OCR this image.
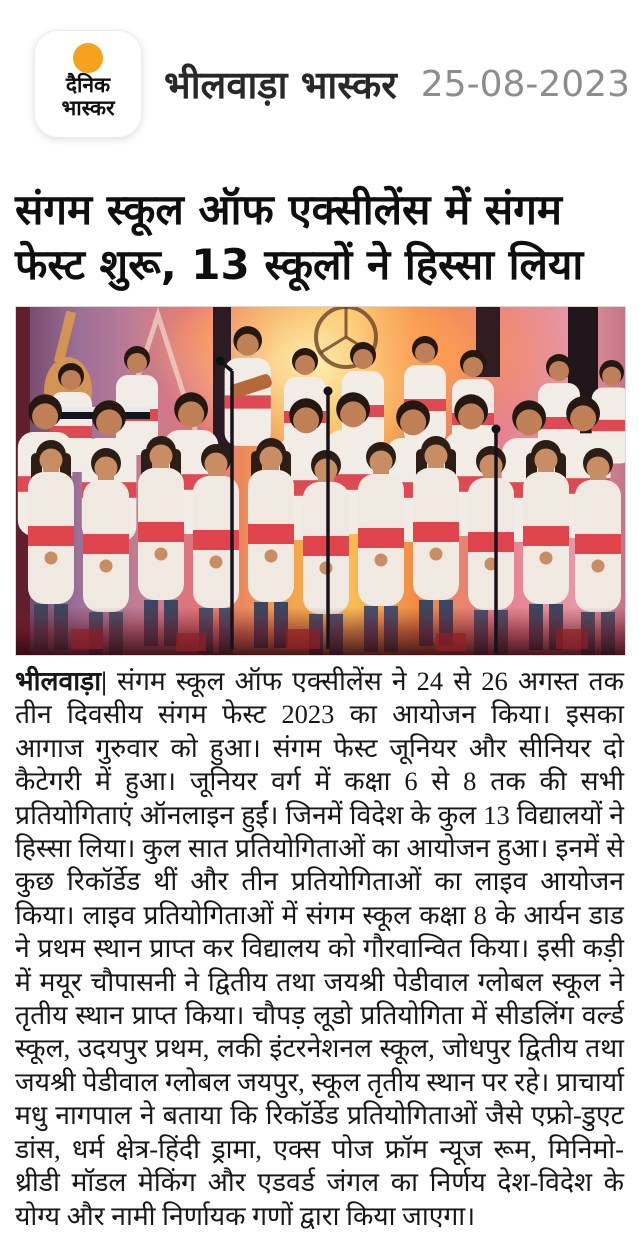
दैनिक
भास्कर
भीलवाड़ा भास्कर 25-08-2023
संगम स्कूल ऑफ एक्सीलेंस में संगम
फेस्ट शुरू, 13 स्कूलों ने हिस्सा लिया

भीलवाड़ा| संगम स्कूल ऑफ एक्सीलेंस ने 24 से 26 अगस्त तक तीन दिवसीय संगम फेस्ट 2023 का आयोजन किया। इसका आगाज गुरुवार को हुआ। संगम फेस्ट जूनियर और सीनियर दो कैटेगरी में हुआ। जूनियर वर्ग में कक्षा 6 से 8 तक की सभी प्रतियोगिताएं ऑनलाइन हुईं। जिनमें विदेश के कुल 13 विद्यालयों ने हिस्सा लिया। कुल सात प्रतियोगिताओं का आयोजन हुआ। इनमें से कुछ रिकॉर्डेड थीं और तीन प्रतियोगिताओं का लाइव आयोजन किया। लाइव प्रतियोगिताओं में संगम स्कूल कक्षा 8 के आर्यन डाड ने प्रथम स्थान प्राप्त कर विद्यालय को गौरवान्वित किया। इसी कड़ी में मयूर चौपासनी ने द्वितीय तथा जयश्री पेडीवाल ग्लोबल स्कूल ने तृतीय स्थान प्राप्त किया। चौपड़ लूडो प्रतियोगिता में सीडलिंग वर्ल्ड स्कूल, उदयपुर प्रथम, लकी इंटरनेशनल स्कूल, जोधपुर द्वितीय तथा जयश्री पेडीवाल ग्लोबल जयपुर, स्कूल तृतीय स्थान पर रहे। प्राचार्या मधु नागपाल ने बताया कि रिकॉर्डेड प्रतियोगिताओं जैसे एफ्रो-डुएट डांस, धर्म क्षेत्र-हिंदी ड्रामा, एक्स पोज फ्रॉम न्यूज रूम, मिनिमो-थ्रीडी मॉडल मेकिंग और एडवर्ड जंगल का निर्णय देश-विदेश के योग्य और नामी निर्णायक गणों द्वारा किया जाएगा।
